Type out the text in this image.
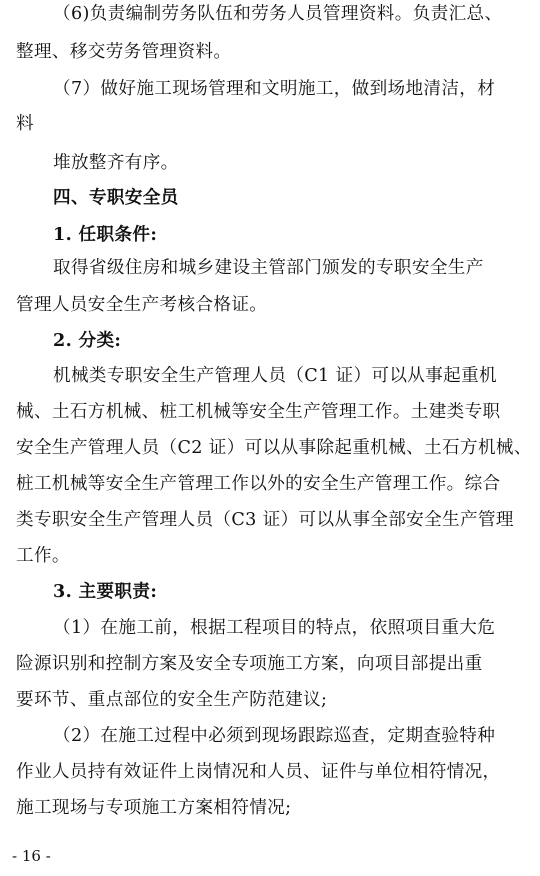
（6)负责编制劳务队伍和劳务人员管理资料。负责汇总、
整理、移交劳务管理资料。
（7）做好施工现场管理和文明施工，做到场地清洁，材
料
堆放整齐有序。
四、专职安全员
1. 任职条件:
取得省级住房和城乡建设主管部门颁发的专职安全生产
管理人员安全生产考核合格证。
2. 分类:
机械类专职安全生产管理人员（C1 证）可以从事起重机
械、土石方机械、桩工机械等安全生产管理工作。土建类专职
安全生产管理人员（C2 证）可以从事除起重机械、土石方机械、
桩工机械等安全生产管理工作以外的安全生产管理工作。综合
类专职安全生产管理人员（C3 证）可以从事全部安全生产管理
工作。
3. 主要职责:
（1）在施工前，根据工程项目的特点，依照项目重大危
险源识别和控制方案及安全专项施工方案，向项目部提出重
要环节、重点部位的安全生产防范建议;
（2）在施工过程中必须到现场跟踪巡查，定期查验特种
作业人员持有效证件上岗情况和人员、证件与单位相符情况，
施工现场与专项施工方案相符情况;
- 16 -
